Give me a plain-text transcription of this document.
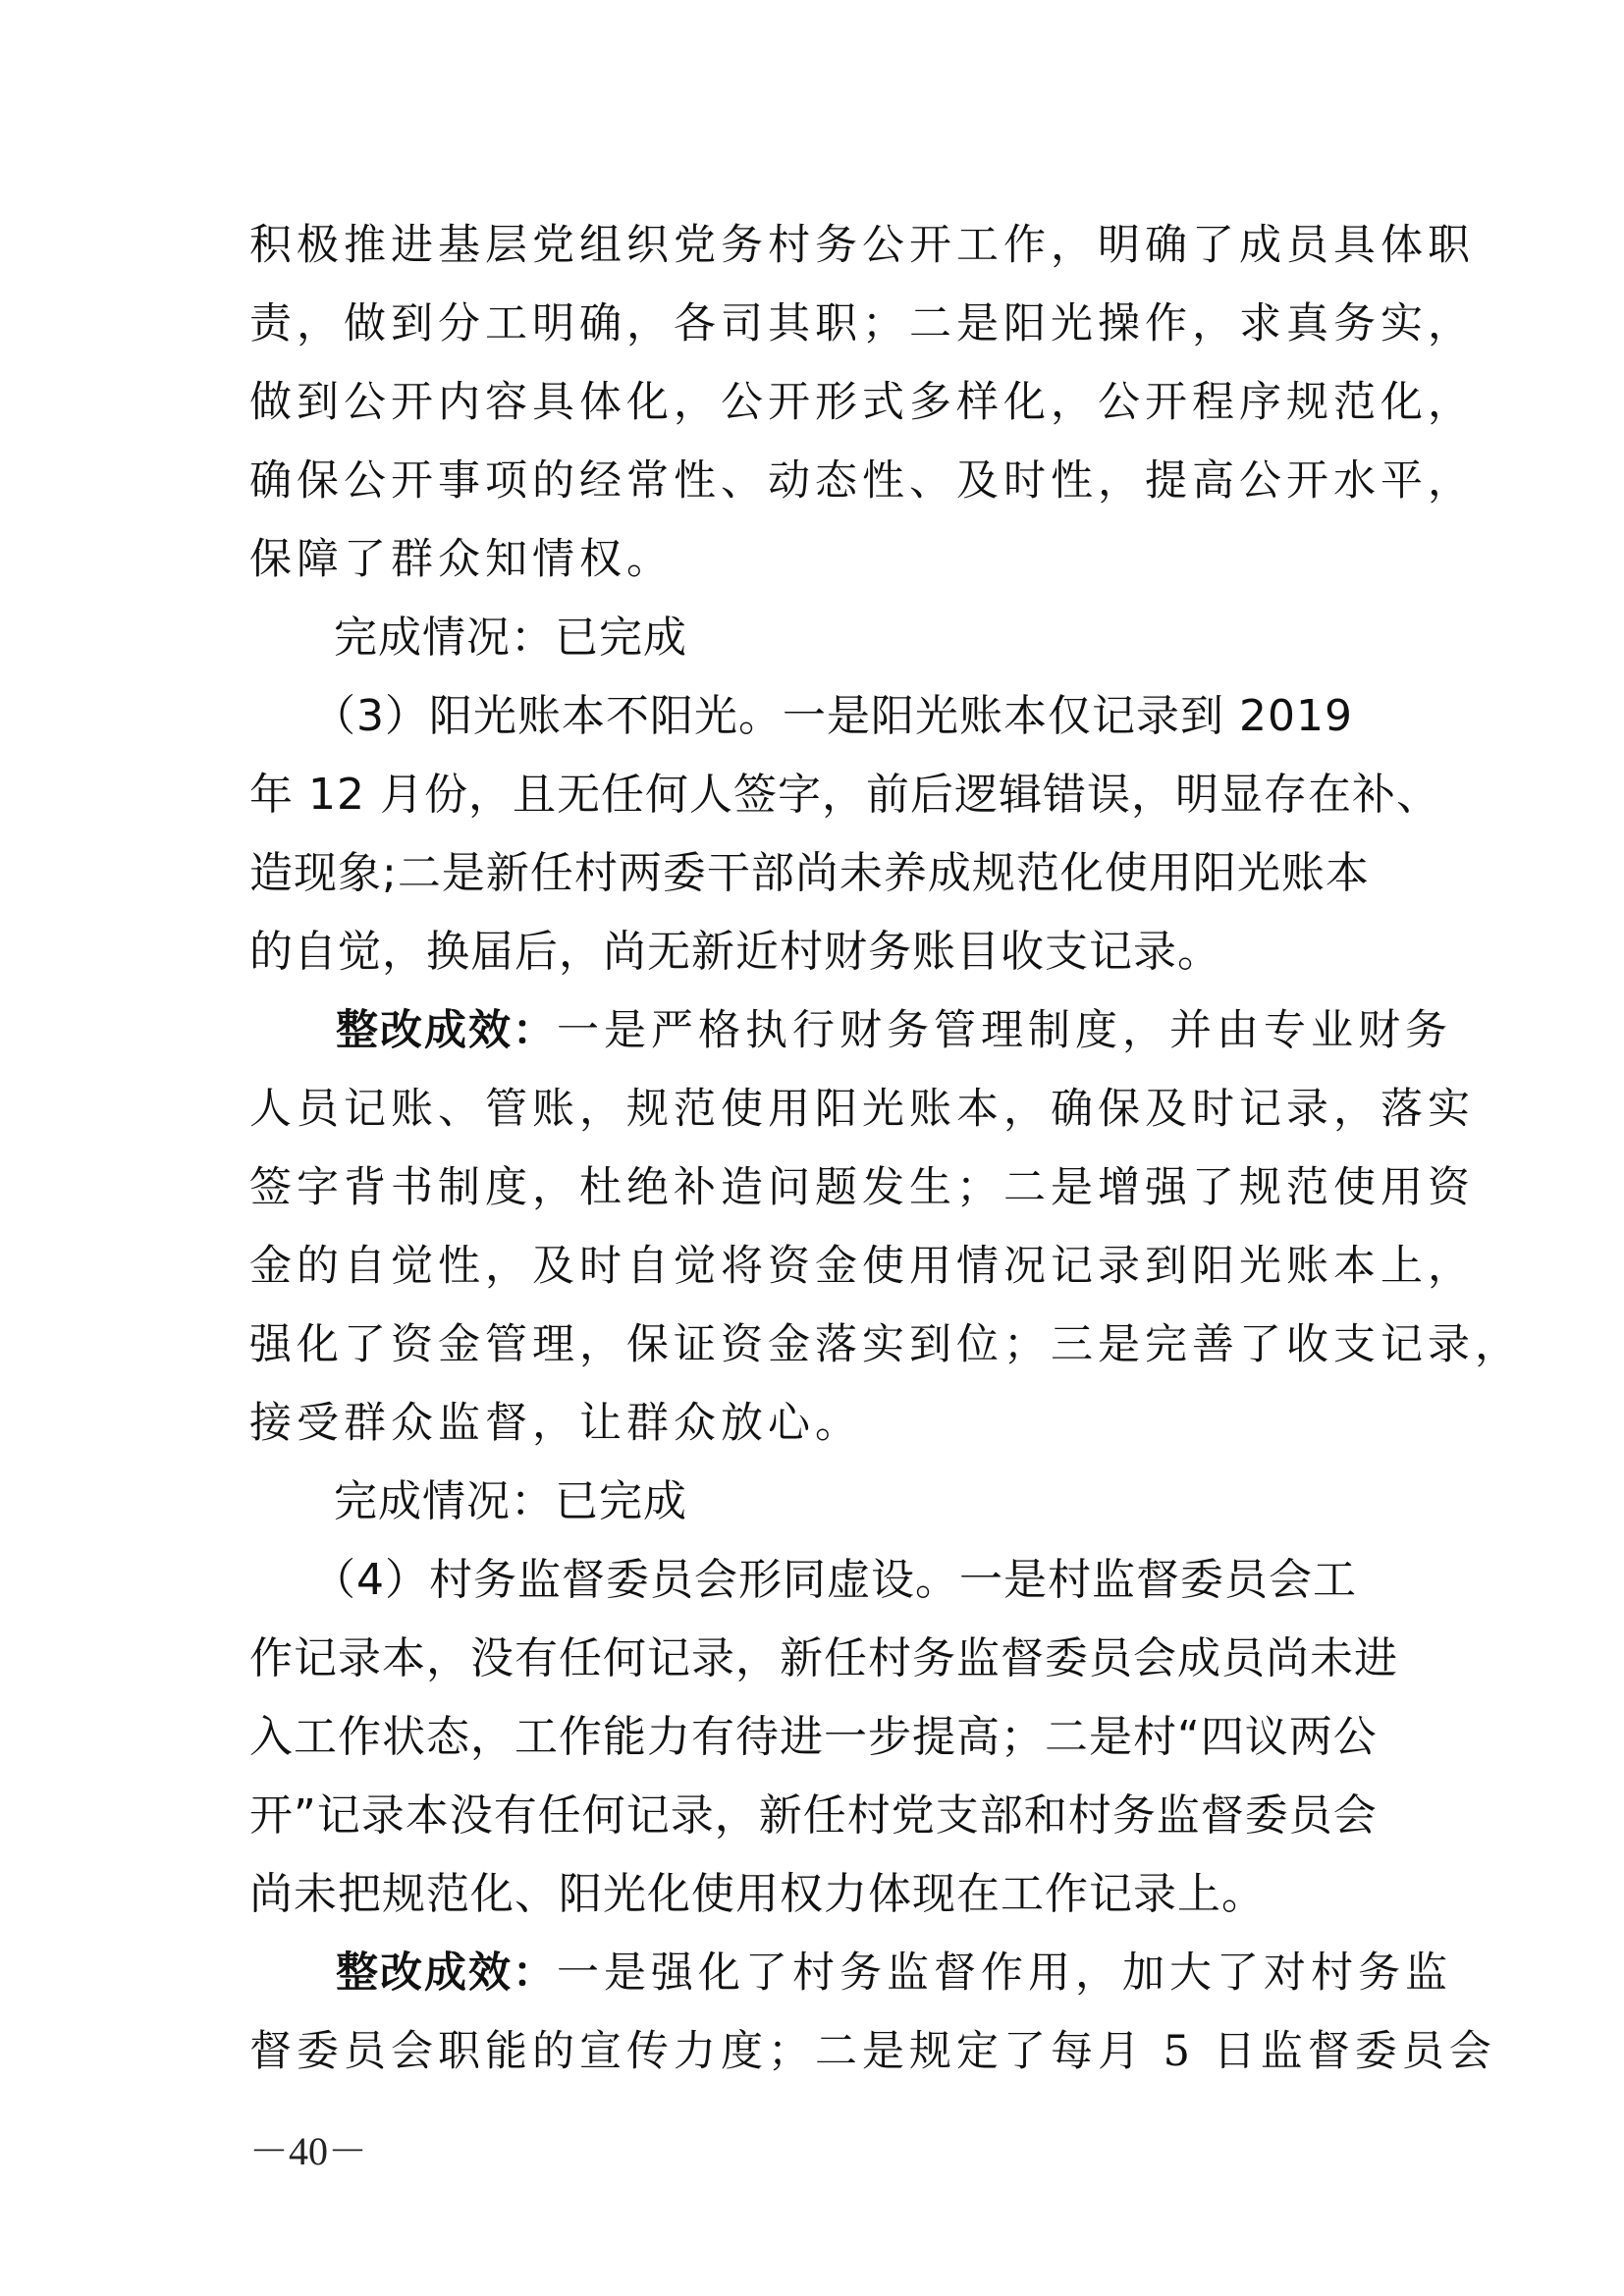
积极推进基层党组织党务村务公开工作，明确了成员具体职
责，做到分工明确，各司其职；二是阳光操作，求真务实，
做到公开内容具体化，公开形式多样化，公开程序规范化，
确保公开事项的经常性、动态性、及时性，提高公开水平，
保障了群众知情权。
完成情况：已完成
（3）阳光账本不阳光。一是阳光账本仅记录到 2019
年 12 月份，且无任何人签字，前后逻辑错误，明显存在补、
造现象;二是新任村两委干部尚未养成规范化使用阳光账本
的自觉，换届后，尚无新近村财务账目收支记录。
整改成效：一是严格执行财务管理制度，并由专业财务
人员记账、管账，规范使用阳光账本，确保及时记录，落实
签字背书制度，杜绝补造问题发生；二是增强了规范使用资
金的自觉性，及时自觉将资金使用情况记录到阳光账本上，
强化了资金管理，保证资金落实到位；三是完善了收支记录，
接受群众监督，让群众放心。
完成情况：已完成
（4）村务监督委员会形同虚设。一是村监督委员会工
作记录本，没有任何记录，新任村务监督委员会成员尚未进
入工作状态，工作能力有待进一步提高；二是村“四议两公
开”记录本没有任何记录，新任村党支部和村务监督委员会
尚未把规范化、阳光化使用权力体现在工作记录上。
整改成效：一是强化了村务监督作用，加大了对村务监
督委员会职能的宣传力度；二是规定了每月 5 日监督委员会
－40－
